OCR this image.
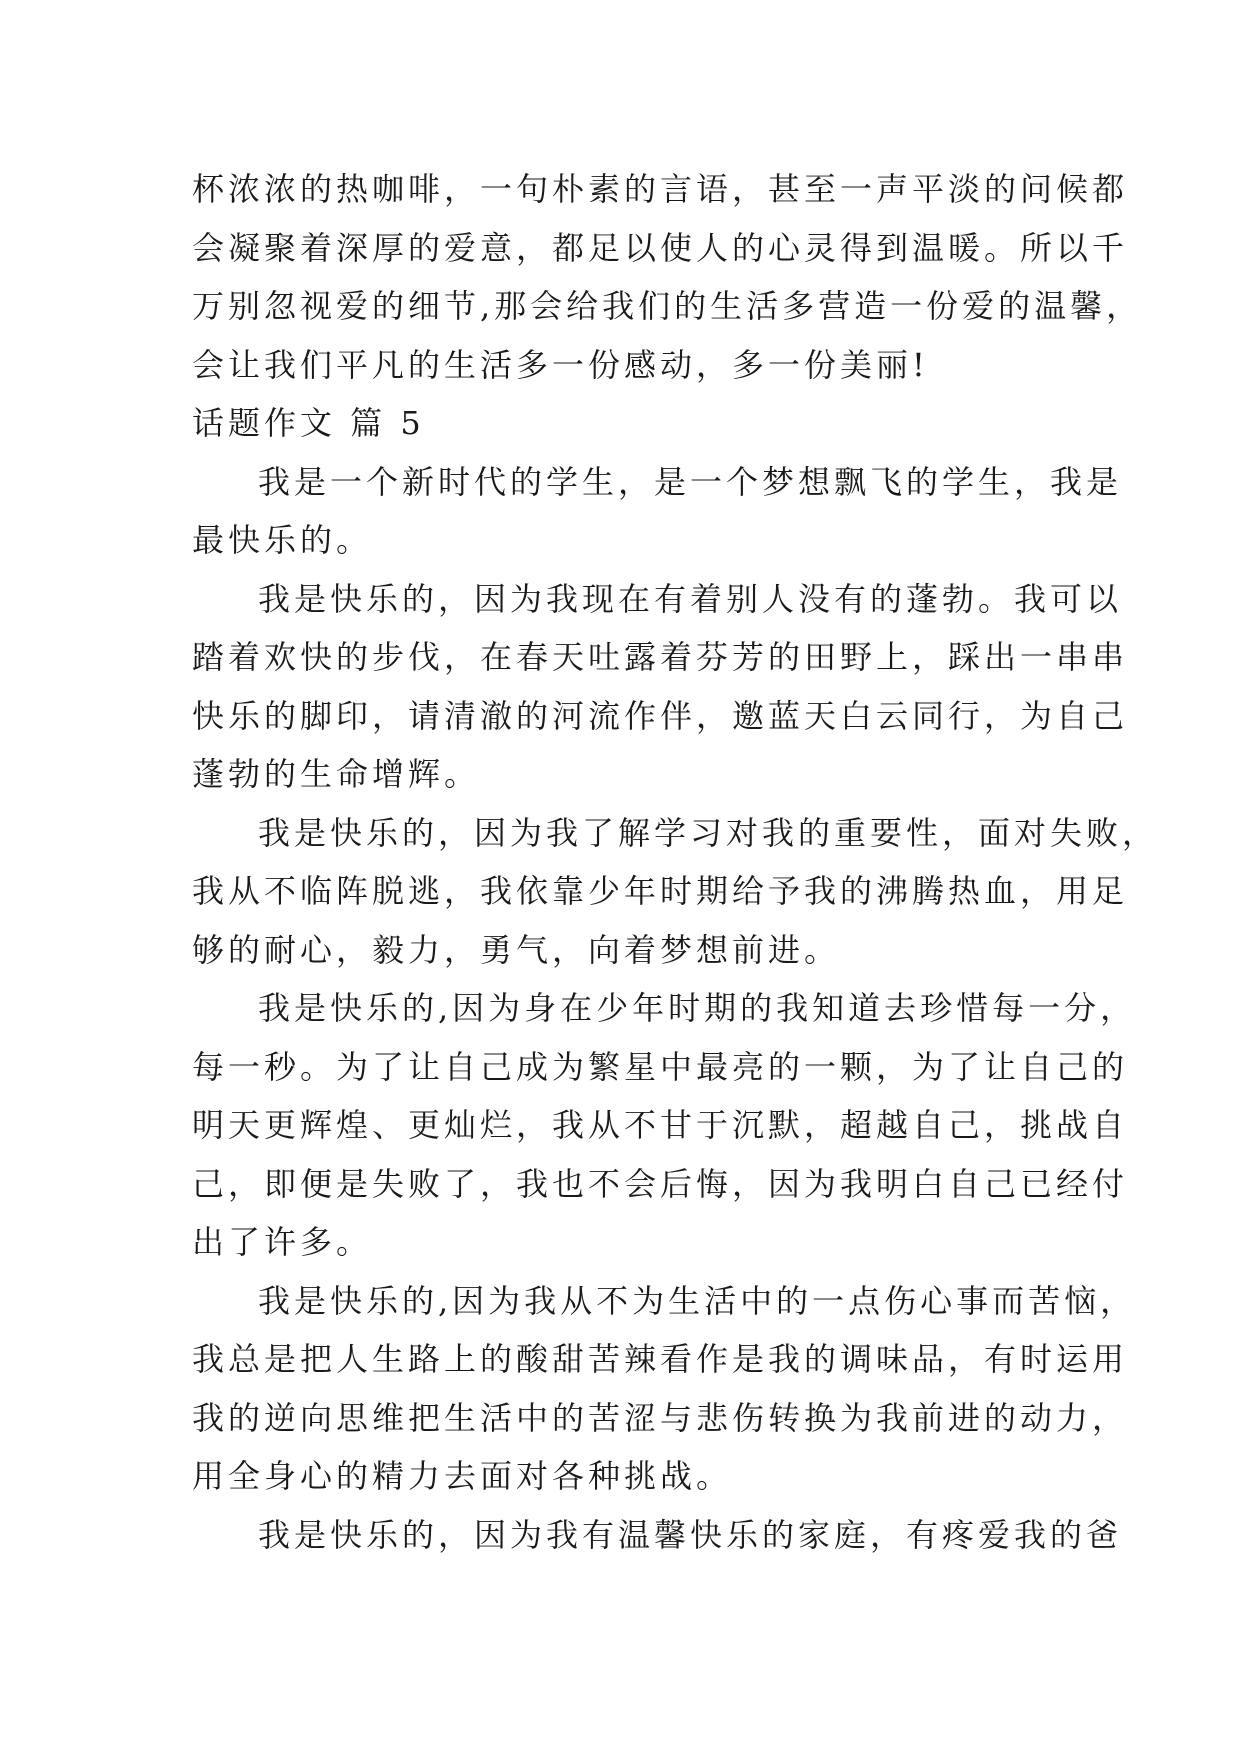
杯浓浓的热咖啡，一句朴素的言语，甚至一声平淡的问候都

会凝聚着深厚的爱意，都足以使人的心灵得到温暖。所以千

万别忽视爱的细节,那会给我们的生活多营造一份爱的温馨，

会让我们平凡的生活多一份感动，多一份美丽!

话题作文 篇 5

我是一个新时代的学生，是一个梦想飘飞的学生，我是

最快乐的。

我是快乐的，因为我现在有着别人没有的蓬勃。我可以

踏着欢快的步伐，在春天吐露着芬芳的田野上，踩出一串串

快乐的脚印，请清澈的河流作伴，邀蓝天白云同行，为自己

蓬勃的生命增辉。

我是快乐的，因为我了解学习对我的重要性，面对失败，

我从不临阵脱逃，我依靠少年时期给予我的沸腾热血，用足

够的耐心，毅力，勇气，向着梦想前进。

我是快乐的,因为身在少年时期的我知道去珍惜每一分，

每一秒。为了让自己成为繁星中最亮的一颗，为了让自己的

明天更辉煌、更灿烂，我从不甘于沉默，超越自己，挑战自

己，即便是失败了，我也不会后悔，因为我明白自己已经付

出了许多。

我是快乐的,因为我从不为生活中的一点伤心事而苦恼，

我总是把人生路上的酸甜苦辣看作是我的调味品，有时运用

我的逆向思维把生活中的苦涩与悲伤转换为我前进的动力，

用全身心的精力去面对各种挑战。

我是快乐的，因为我有温馨快乐的家庭，有疼爱我的爸
